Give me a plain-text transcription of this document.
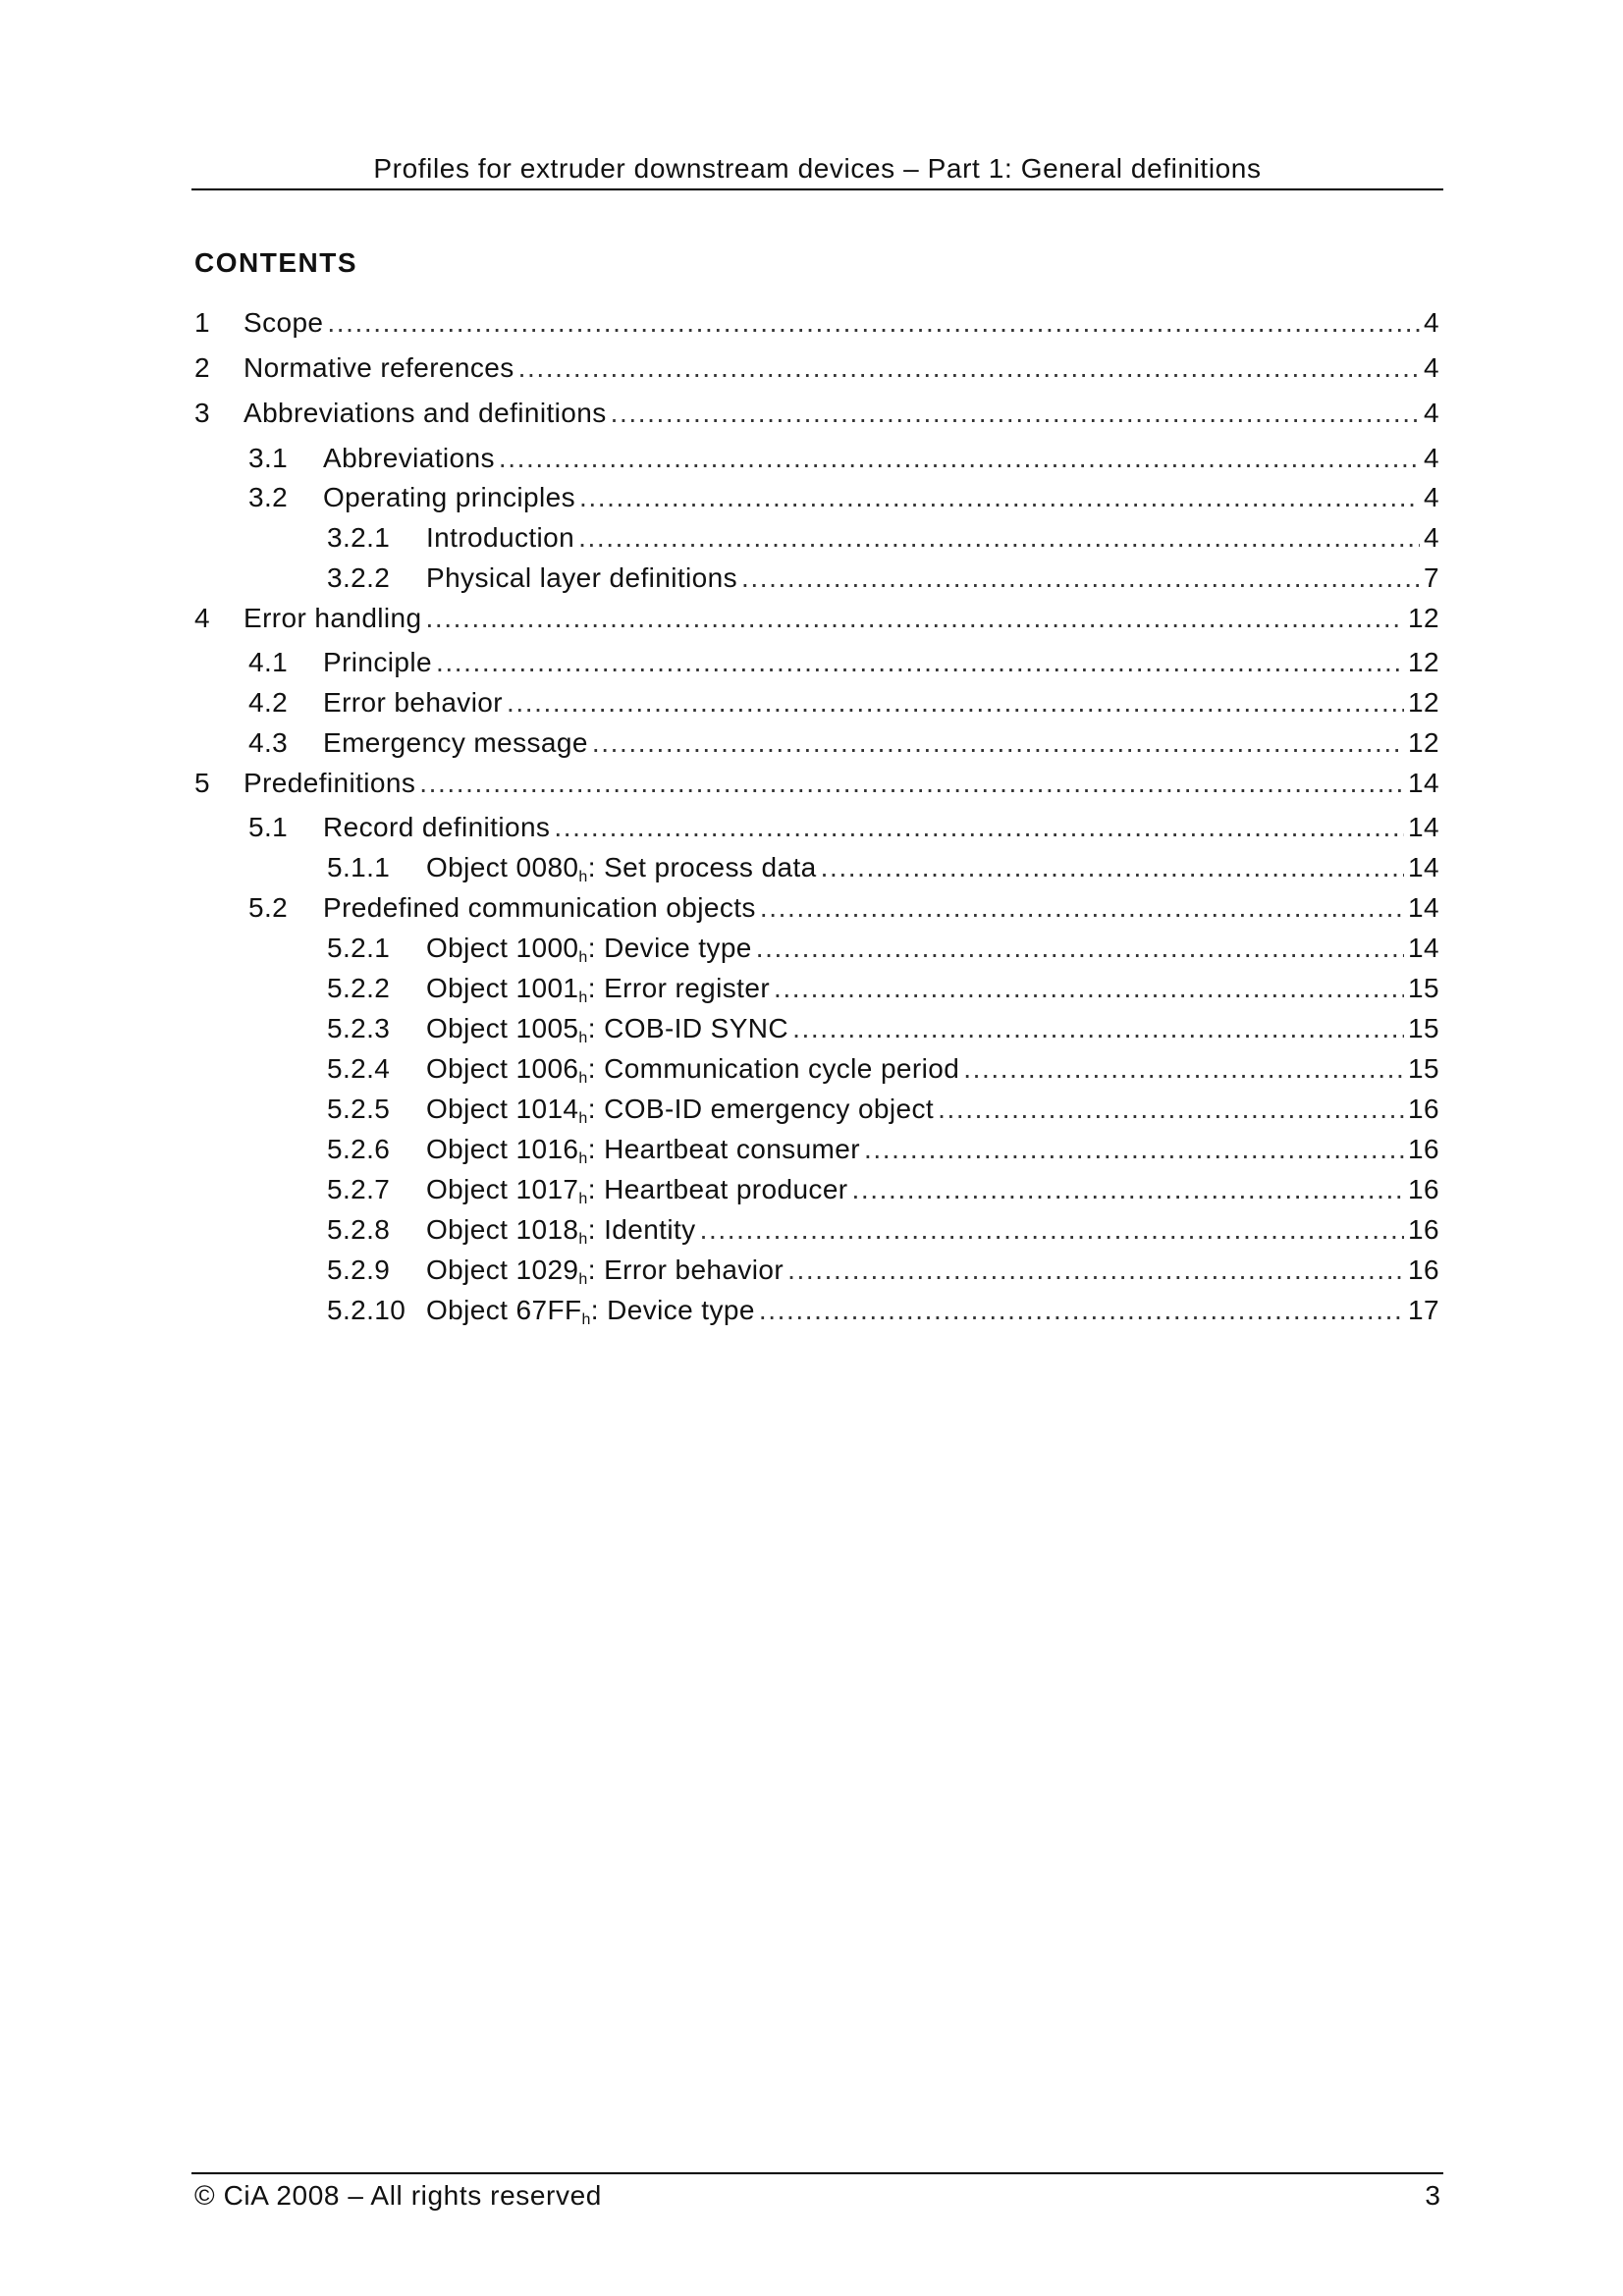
Profiles for extruder downstream devices – Part 1: General definitions
CONTENTS
1	Scope .....	4
2	Normative references .....	4
3	Abbreviations and definitions .....	4
3.1	Abbreviations .....	4
3.2	Operating principles .....	4
3.2.1	Introduction .....	4
3.2.2	Physical layer definitions .....	7
4	Error handling .....	12
4.1	Principle .....	12
4.2	Error behavior .....	12
4.3	Emergency message .....	12
5	Predefinitions .....	14
5.1	Record definitions .....	14
5.1.1	Object $0080_h$: Set process data .....	14
5.2	Predefined communication objects .....	14
5.2.1	Object $1000_h$: Device type .....	14
5.2.2	Object $1001_h$: Error register .....	15
5.2.3	Object $1005_h$: COB-ID SYNC .....	15
5.2.4	Object $1006_h$: Communication cycle period .....	15
5.2.5	Object $1014_h$: COB-ID emergency object .....	16
5.2.6	Object $1016_h$: Heartbeat consumer .....	16
5.2.7	Object $1017_h$: Heartbeat producer .....	16
5.2.8	Object $1018_h$: Identity .....	16
5.2.9	Object $1029_h$: Error behavior .....	16
5.2.10 Object $67FF_h$: Device type .....	17
© CiA 2008 – All rights reserved	3
